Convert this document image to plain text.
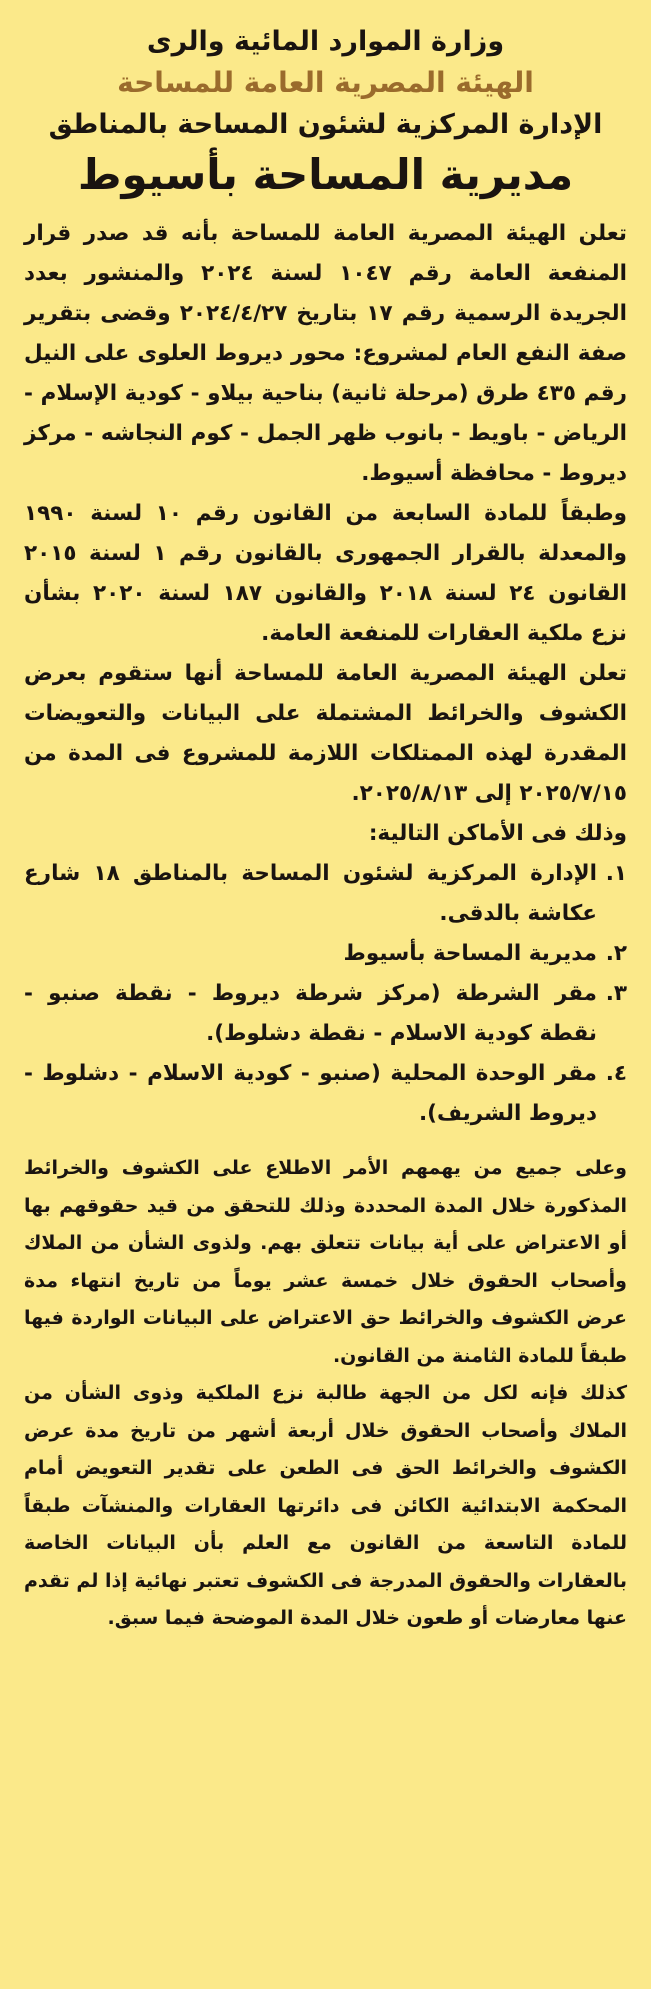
وزارة الموارد المائية والرى
الهيئة المصرية العامة للمساحة
الإدارة المركزية لشئون المساحة بالمناطق
مديرية المساحة بأسيوط

تعلن الهيئة المصرية العامة للمساحة بأنه قد صدر قرار المنفعة العامة رقم ١٠٤٧ لسنة ٢٠٢٤ والمنشور بعدد الجريدة الرسمية رقم ١٧ بتاريخ ٢٠٢٤/٤/٢٧ وقضى بتقرير صفة النفع العام لمشروع: محور ديروط العلوى على النيل رقم ٤٣٥ طرق (مرحلة ثانية) بناحية بيلاو - كودية الإسلام - الرياض - باويط - بانوب ظهر الجمل - كوم النجاشه - مركز ديروط - محافظة أسيوط.

وطبقاً للمادة السابعة من القانون رقم ١٠ لسنة ١٩٩٠ والمعدلة بالقرار الجمهورى بالقانون رقم ١ لسنة ٢٠١٥ القانون ٢٤ لسنة ٢٠١٨ والقانون ١٨٧ لسنة ٢٠٢٠ بشأن نزع ملكية العقارات للمنفعة العامة.

تعلن الهيئة المصرية العامة للمساحة أنها ستقوم بعرض الكشوف والخرائط المشتملة على البيانات والتعويضات المقدرة لهذه الممتلكات اللازمة للمشروع فى المدة من ٢٠٢٥/٧/١٥ إلى ٢٠٢٥/٨/١٣.

وذلك فى الأماكن التالية:

١.
الإدارة المركزية لشئون المساحة بالمناطق ١٨ شارع عكاشة بالدقى.
٢.
مديرية المساحة بأسيوط
٣.
مقر الشرطة (مركز شرطة ديروط - نقطة صنبو - نقطة كودية الاسلام - نقطة دشلوط).
٤.
مقر الوحدة المحلية (صنبو - كودية الاسلام - دشلوط - ديروط الشريف).

وعلى جميع من يهمهم الأمر الاطلاع على الكشوف والخرائط المذكورة خلال المدة المحددة وذلك للتحقق من قيد حقوقهم بها أو الاعتراض على أية بيانات تتعلق بهم. ولذوى الشأن من الملاك وأصحاب الحقوق خلال خمسة عشر يوماً من تاريخ انتهاء مدة عرض الكشوف والخرائط حق الاعتراض على البيانات الواردة فيها طبقاً للمادة الثامنة من القانون.

كذلك فإنه لكل من الجهة طالبة نزع الملكية وذوى الشأن من الملاك وأصحاب الحقوق خلال أربعة أشهر من تاريخ مدة عرض الكشوف والخرائط الحق فى الطعن على تقدير التعويض أمام المحكمة الابتدائية الكائن فى دائرتها العقارات والمنشآت طبقاً للمادة التاسعة من القانون مع العلم بأن البيانات الخاصة بالعقارات والحقوق المدرجة فى الكشوف تعتبر نهائية إذا لم تقدم عنها معارضات أو طعون خلال المدة الموضحة فيما سبق.
